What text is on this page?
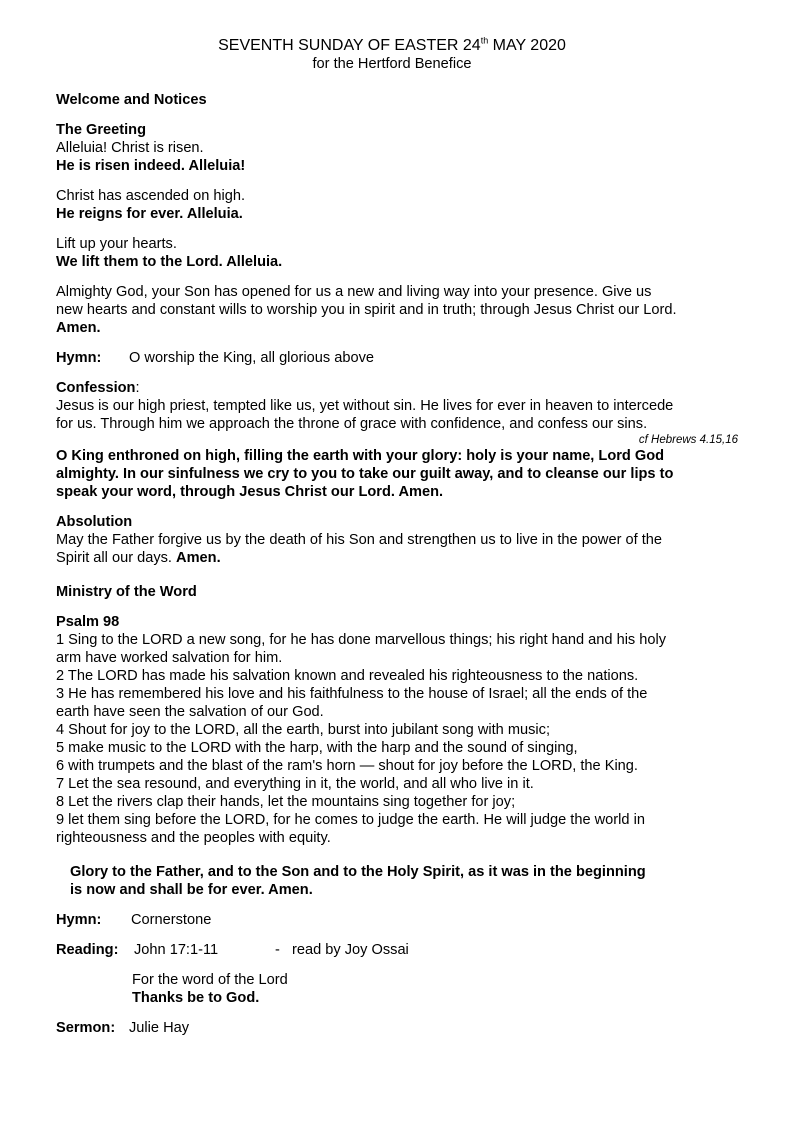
SEVENTH SUNDAY OF EASTER 24th MAY 2020
for the Hertford Benefice
Welcome and Notices
The Greeting
Alleluia! Christ is risen.
He is risen indeed. Alleluia!
Christ has ascended on high.
He reigns for ever. Alleluia.
Lift up your hearts.
We lift them to the Lord. Alleluia.
Almighty God, your Son has opened for us a new and living way into your presence. Give us
new hearts and constant wills to worship you in spirit and in truth; through Jesus Christ our Lord.
Amen.
Hymn:	O worship the King, all glorious above
Confession:
Jesus is our high priest, tempted like us, yet without sin. He lives for ever in heaven to intercede
for us. Through him we approach the throne of grace with confidence, and confess our sins.
cf Hebrews 4.15,16
O King enthroned on high, filling the earth with your glory: holy is your name, Lord God
almighty. In our sinfulness we cry to you to take our guilt away, and to cleanse our lips to
speak your word, through Jesus Christ our Lord. Amen.
Absolution
May the Father forgive us by the death of his Son and strengthen us to live in the power of the
Spirit all our days. Amen.
Ministry of the Word
Psalm 98
1 Sing to the LORD a new song, for he has done marvellous things; his right hand and his holy
arm have worked salvation for him.
2 The LORD has made his salvation known and revealed his righteousness to the nations.
3 He has remembered his love and his faithfulness to the house of Israel; all the ends of the
earth have seen the salvation of our God.
4 Shout for joy to the LORD, all the earth, burst into jubilant song with music;
5 make music to the LORD with the harp, with the harp and the sound of singing,
6 with trumpets and the blast of the ram's horn — shout for joy before the LORD, the King.
7 Let the sea resound, and everything in it, the world, and all who live in it.
8 Let the rivers clap their hands, let the mountains sing together for joy;
9 let them sing before the LORD, for he comes to judge the earth. He will judge the world in
righteousness and the peoples with equity.
Glory to the Father, and to the Son and to the Holy Spirit, as it was in the beginning
is now and shall be for ever. Amen.
Hymn:	Cornerstone
Reading:	John 17:1-11	- read by Joy Ossai
For the word of the Lord
Thanks be to God.
Sermon: Julie Hay
